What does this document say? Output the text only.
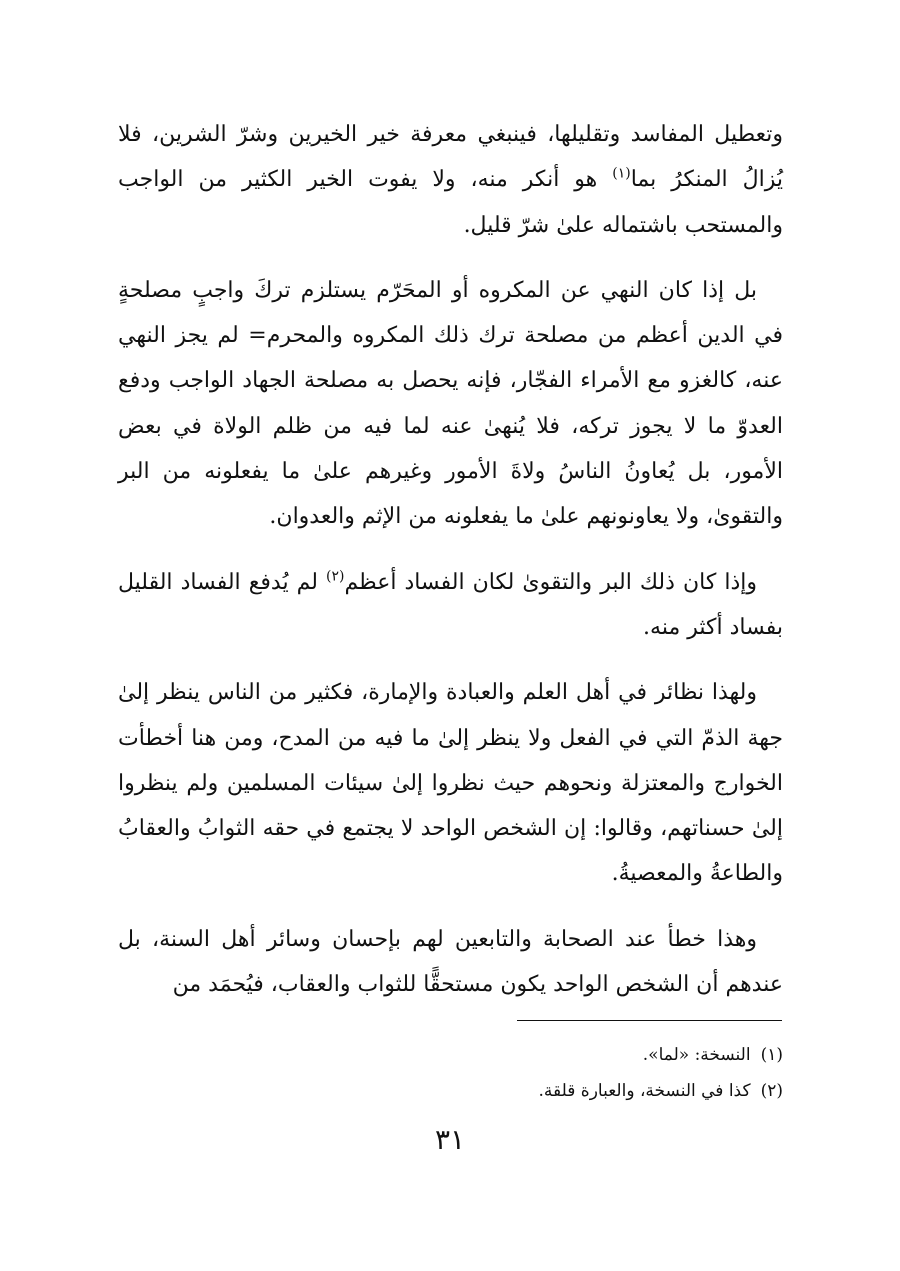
وتعطيل المفاسد وتقليلها، فينبغي معرفة خير الخيرين وشرّ الشرين، فلا يُزالُ المنكرُ بما$^{(١)}$ هو أنكر منه، ولا يفوت الخير الكثير من الواجب والمستحب باشتماله علىٰ شرّ قليل.

بل إذا كان النهي عن المكروه أو المحَرّم يستلزم تركَ واجبٍ مصلحةٍ في الدين أعظم من مصلحة ترك ذلك المكروه والمحرم= لم يجز النهي عنه، كالغزو مع الأمراء الفجّار، فإنه يحصل به مصلحة الجهاد الواجب ودفع العدوّ ما لا يجوز تركه، فلا يُنهىٰ عنه لما فيه من ظلم الولاة في بعض الأمور، بل يُعاونُ الناسُ ولاةَ الأمور وغيرهم علىٰ ما يفعلونه من البر والتقوىٰ، ولا يعاونونهم علىٰ ما يفعلونه من الإثم والعدوان.

وإذا كان ذلك البر والتقوىٰ لكان الفساد أعظم$^{(٢)}$ لم يُدفع الفساد القليل بفساد أكثر منه.

ولهذا نظائر في أهل العلم والعبادة والإمارة، فكثير من الناس ينظر إلىٰ جهة الذمّ التي في الفعل ولا ينظر إلىٰ ما فيه من المدح، ومن هنا أخطأت الخوارج والمعتزلة ونحوهم حيث نظروا إلىٰ سيئات المسلمين ولم ينظروا إلىٰ حسناتهم، وقالوا: إن الشخص الواحد لا يجتمع في حقه الثوابُ والعقابُ والطاعةُ والمعصيةُ.

وهذا خطأ عند الصحابة والتابعين لهم بإحسان وسائر أهل السنة، بل عندهم أن الشخص الواحد يكون مستحقًّا للثواب والعقاب، فيُحمَد من

(١)النسخة: «لما».
(٢)كذا في النسخة، والعبارة قلقة.
٣١
